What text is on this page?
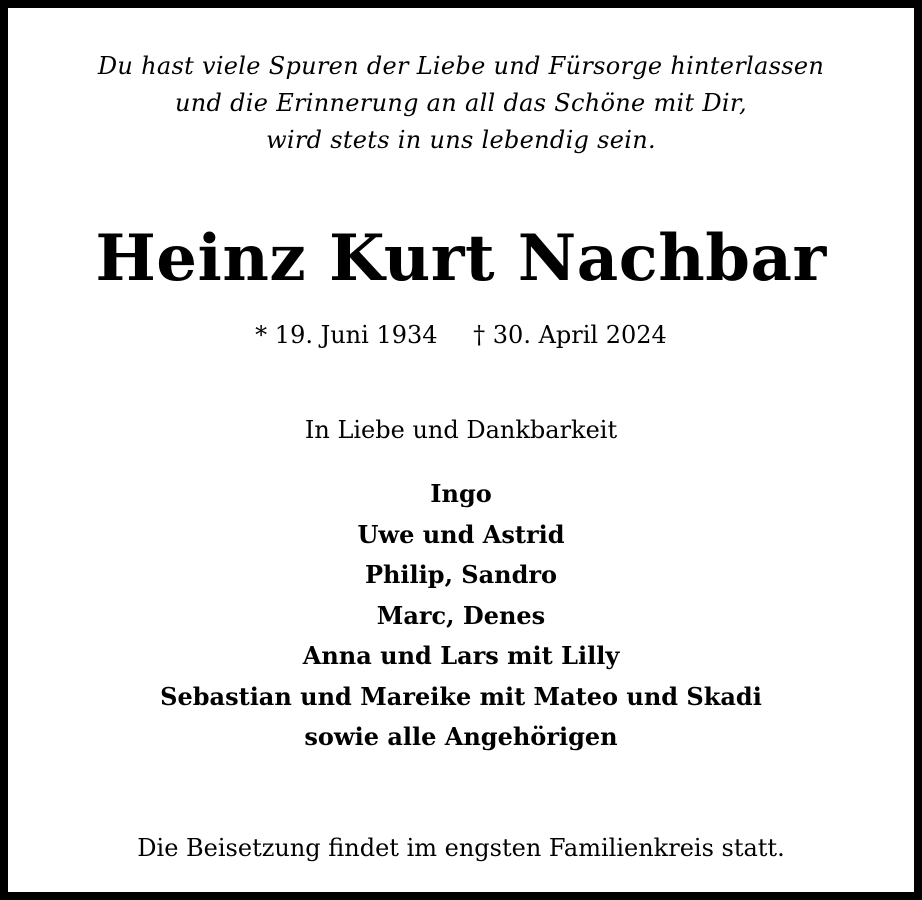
Du hast viele Spuren der Liebe und Fürsorge hinterlassen
und die Erinnerung an all das Schöne mit Dir,
wird stets in uns lebendig sein.
Heinz Kurt Nachbar
* 19. Juni 1934 † 30. April 2024
In Liebe und Dankbarkeit
Ingo
Uwe und Astrid
Philip, Sandro
Marc, Denes
Anna und Lars mit Lilly
Sebastian und Mareike mit Mateo und Skadi
sowie alle Angehörigen
Die Beisetzung findet im engsten Familienkreis statt.
